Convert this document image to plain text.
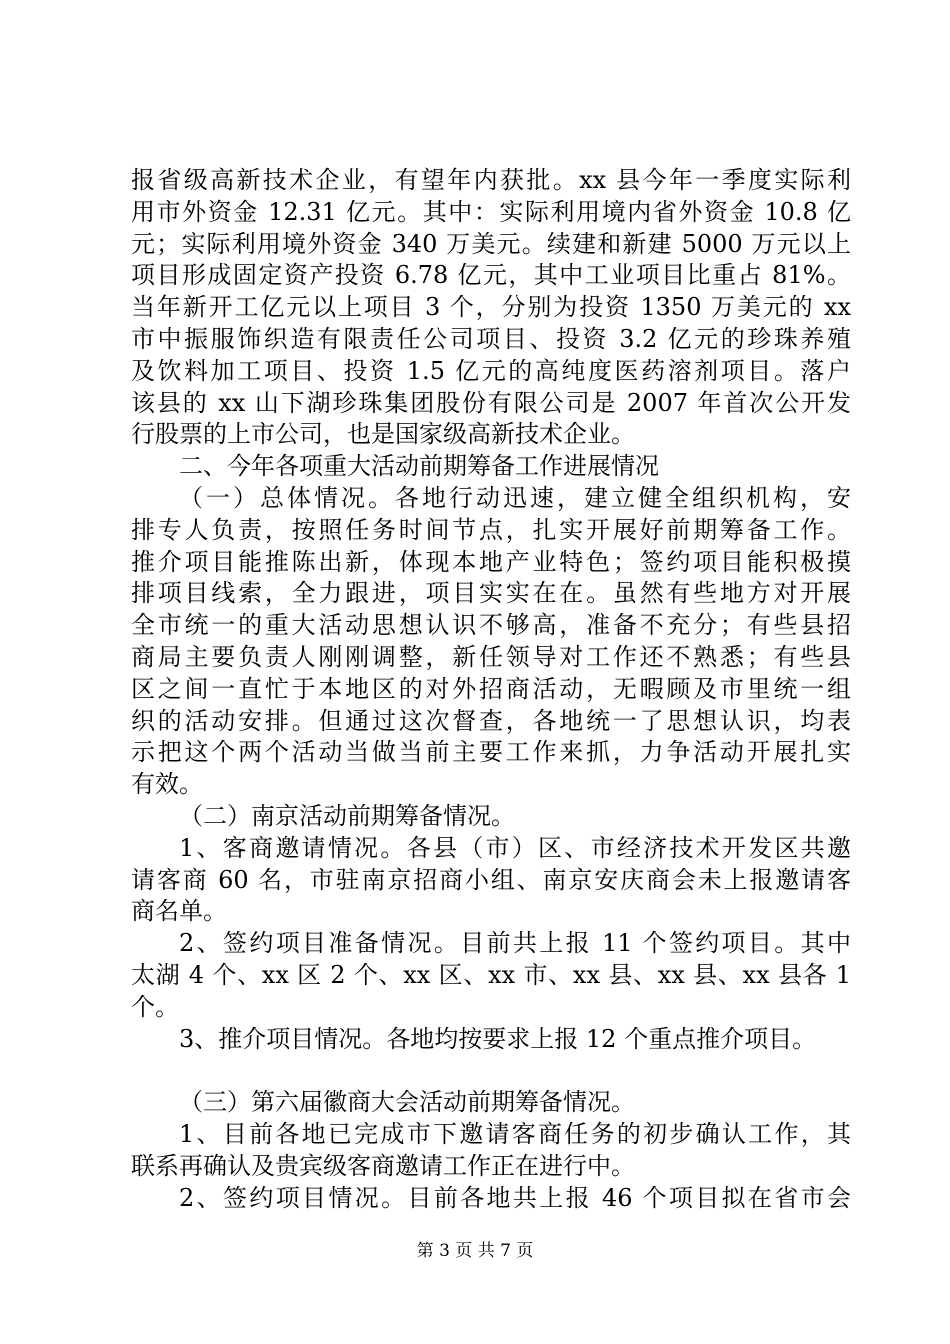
报省级高新技术企业，有望年内获批。xx 县今年一季度实际利
用市外资金 12.31 亿元。其中：实际利用境内省外资金 10.8 亿
元；实际利用境外资金 340 万美元。续建和新建 5000 万元以上
项目形成固定资产投资 6.78 亿元，其中工业项目比重占 81%。
当年新开工亿元以上项目 3 个，分别为投资 1350 万美元的 xx
市中振服饰织造有限责任公司项目、投资 3.2 亿元的珍珠养殖
及饮料加工项目、投资 1.5 亿元的高纯度医药溶剂项目。落户
该县的 xx 山下湖珍珠集团股份有限公司是 2007 年首次公开发
行股票的上市公司，也是国家级高新技术企业。
二、今年各项重大活动前期筹备工作进展情况
（一）总体情况。各地行动迅速，建立健全组织机构，安
排专人负责，按照任务时间节点，扎实开展好前期筹备工作。
推介项目能推陈出新，体现本地产业特色；签约项目能积极摸
排项目线索，全力跟进，项目实实在在。虽然有些地方对开展
全市统一的重大活动思想认识不够高，准备不充分；有些县招
商局主要负责人刚刚调整，新任领导对工作还不熟悉；有些县
区之间一直忙于本地区的对外招商活动，无暇顾及市里统一组
织的活动安排。但通过这次督查，各地统一了思想认识，均表
示把这个两个活动当做当前主要工作来抓，力争活动开展扎实
有效。
（二）南京活动前期筹备情况。
1、客商邀请情况。各县（市）区、市经济技术开发区共邀
请客商 60 名，市驻南京招商小组、南京安庆商会未上报邀请客
商名单。
2、签约项目准备情况。目前共上报 11 个签约项目。其中
太湖 4 个、xx 区 2 个、xx 区、xx 市、xx 县、xx 县、xx 县各 1
个。
3、推介项目情况。各地均按要求上报 12 个重点推介项目。
（三）第六届徽商大会活动前期筹备情况。
1、目前各地已完成市下邀请客商任务的初步确认工作，其
联系再确认及贵宾级客商邀请工作正在进行中。
2、签约项目情况。目前各地共上报 46 个项目拟在省市会
第 3 页 共 7 页
